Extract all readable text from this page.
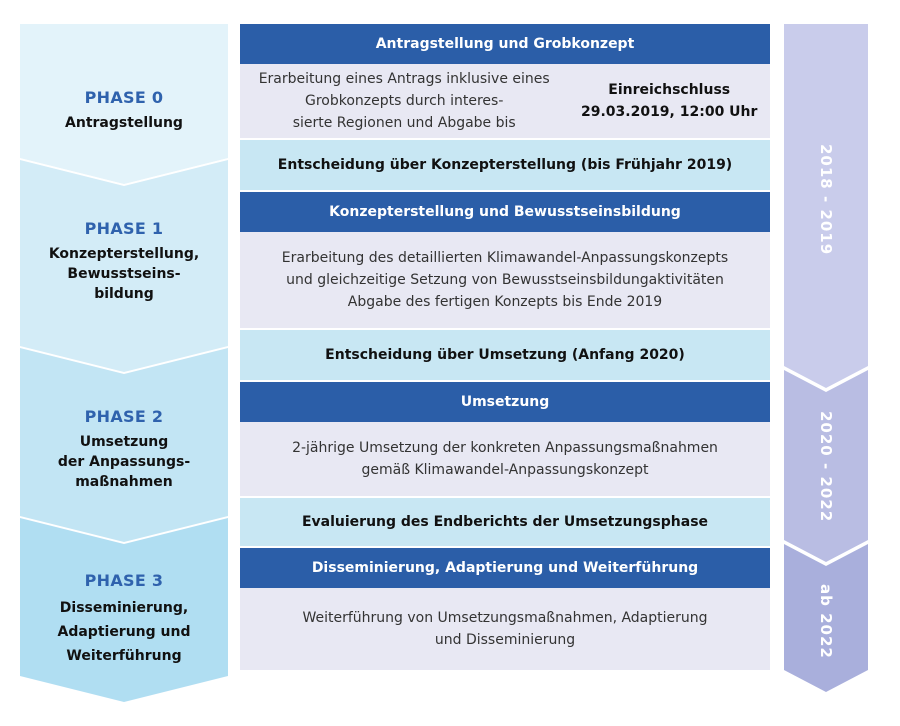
PHASE 0
Antragstellung
PHASE 1
Konzepterstellung,
Bewusstseins-
bildung
PHASE 2
Umsetzung
der Anpassungs-
maßnahmen
PHASE 3
Disseminierung,
Adaptierung und
Weiterführung
Antragstellung und Grobkonzept
Erarbeitung eines Antrags inklusive eines Grobkonzepts durch interes-
sierte Regionen und Abgabe bis
Einreichschluss 29.03.2019, 12:00 Uhr
Entscheidung über Konzepterstellung (bis Frühjahr 2019)
Konzepterstellung und Bewusstseinsbildung
Erarbeitung des detaillierten Klimawandel-Anpassungskonzepts
und gleichzeitige Setzung von Bewusstseinsbildungaktivitäten
Abgabe des fertigen Konzepts bis Ende 2019
Entscheidung über Umsetzung (Anfang 2020)
Umsetzung
2-jährige Umsetzung der konkreten Anpassungsmaßnahmen
gemäß Klimawandel-Anpassungskonzept
Evaluierung des Endberichts der Umsetzungsphase
Disseminierung, Adaptierung und Weiterführung
Weiterführung von Umsetzungsmaßnahmen, Adaptierung
und Disseminierung
2018 - 2019
2020 - 2022
ab 2022
